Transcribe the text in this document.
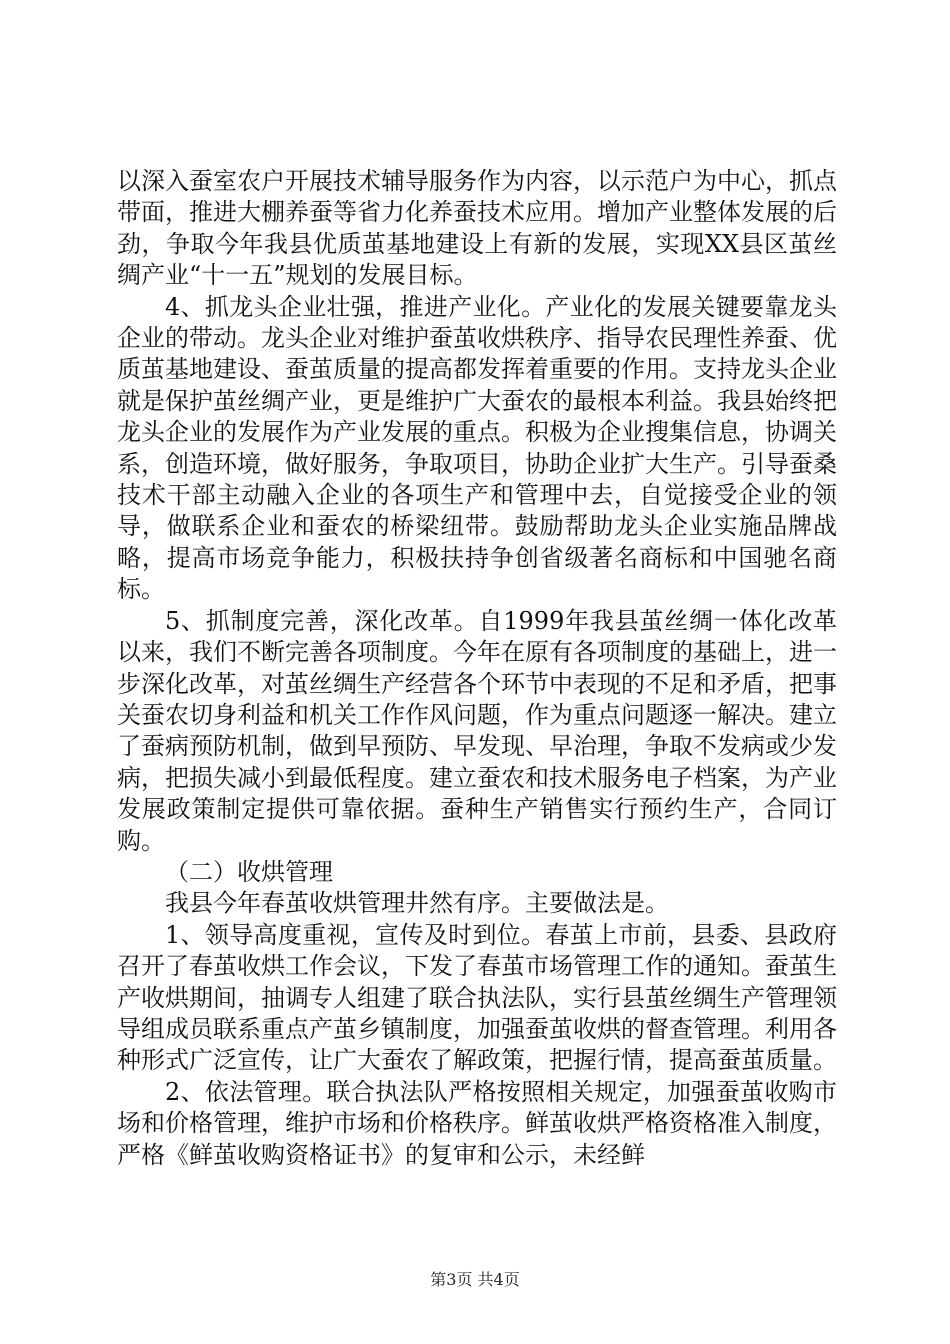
以深入蚕室农户开展技术辅导服务作为内容，以示范户为中心，抓点带面，推进大棚养蚕等省力化养蚕技术应用。增加产业整体发展的后劲，争取今年我县优质茧基地建设上有新的发展，实现XX县区茧丝绸产业“十一五”规划的发展目标。

4、抓龙头企业壮强，推进产业化。产业化的发展关键要靠龙头企业的带动。龙头企业对维护蚕茧收烘秩序、指导农民理性养蚕、优质茧基地建设、蚕茧质量的提高都发挥着重要的作用。支持龙头企业就是保护茧丝绸产业，更是维护广大蚕农的最根本利益。我县始终把龙头企业的发展作为产业发展的重点。积极为企业搜集信息，协调关系，创造环境，做好服务，争取项目，协助企业扩大生产。引导蚕桑技术干部主动融入企业的各项生产和管理中去，自觉接受企业的领导，做联系企业和蚕农的桥梁纽带。鼓励帮助龙头企业实施品牌战略，提高市场竞争能力，积极扶持争创省级著名商标和中国驰名商标。

5、抓制度完善，深化改革。自1999年我县茧丝绸一体化改革以来，我们不断完善各项制度。今年在原有各项制度的基础上，进一步深化改革，对茧丝绸生产经营各个环节中表现的不足和矛盾，把事关蚕农切身利益和机关工作作风问题，作为重点问题逐一解决。建立了蚕病预防机制，做到早预防、早发现、早治理，争取不发病或少发病，把损失减小到最低程度。建立蚕农和技术服务电子档案，为产业发展政策制定提供可靠依据。蚕种生产销售实行预约生产，合同订购。

（二）收烘管理

我县今年春茧收烘管理井然有序。主要做法是。

1、领导高度重视，宣传及时到位。春茧上市前，县委、县政府召开了春茧收烘工作会议，下发了春茧市场管理工作的通知。蚕茧生产收烘期间，抽调专人组建了联合执法队，实行县茧丝绸生产管理领导组成员联系重点产茧乡镇制度，加强蚕茧收烘的督查管理。利用各种形式广泛宣传，让广大蚕农了解政策，把握行情，提高蚕茧质量。

2、依法管理。联合执法队严格按照相关规定，加强蚕茧收购市场和价格管理，维护市场和价格秩序。鲜茧收烘严格资格准入制度，严格《鲜茧收购资格证书》的复审和公示，未经鲜

第3页 共4页
